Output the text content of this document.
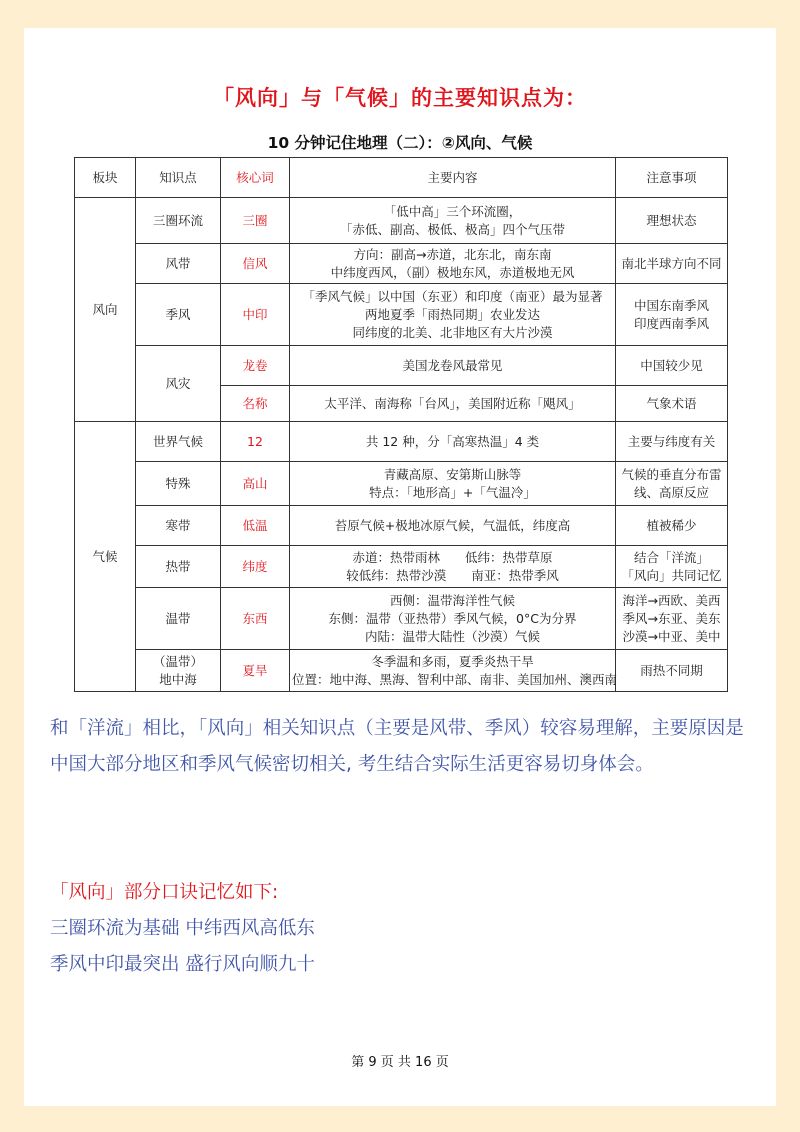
「风向」与「气候」的主要知识点为：
10 分钟记住地理（二）：②风向、气候
板块	知识点	核心词	主要内容	注意事项
风向	三圈环流	三圈	「低中高」三个环流圈，
「赤低、副高、极低、极高」四个气压带	理想状态

	风带	信风	方向：副高→赤道，北东北，南东南
中纬度西风，（副）极地东风，赤道极地无风	南北半球方向不同

	季风	中印	「季风气候」以中国（东亚）和印度（南亚）最为显著
两地夏季「雨热同期」农业发达
同纬度的北美、北非地区有大片沙漠	中国东南季风
印度西南季风

	风灾	龙卷	美国龙卷风最常见	中国较少见

		名称	太平洋、南海称「台风」，美国附近称「飓风」	气象术语

气候	世界气候	12	共 12 种，分「高寒热温」4 类	主要与纬度有关

	特殊	高山	青藏高原、安第斯山脉等
特点：「地形高」+「气温冷」	气候的垂直分布雷
线、高原反应

	寒带	低温	苔原气候+极地冰原气候，气温低，纬度高	植被稀少

	热带	纬度	赤道：热带雨林　　低纬：热带草原
较低纬：热带沙漠　　南亚：热带季风	结合「洋流」
「风向」共同记忆

	温带	东西	西侧：温带海洋性气候
东侧：温带（亚热带）季风气候，0°C为分界
内陆：温带大陆性（沙漠）气候	海洋→西欧、美西
季风→东亚、美东
沙漠→中亚、美中

	（温带）
地中海	夏旱	冬季温和多雨，夏季炎热干旱
位置：地中海、黑海、智利中部、南非、美国加州、澳西南	雨热不同期
和「洋流」相比，「风向」相关知识点（主要是风带、季风）较容易理解，主要原因是中国大部分地区和季风气候密切相关, 考生结合实际生活更容易切身体会。
「风向」部分口诀记忆如下:
三圈环流为基础 中纬西风高低东
季风中印最突出 盛行风向顺九十
第 9 页 共 16 页
